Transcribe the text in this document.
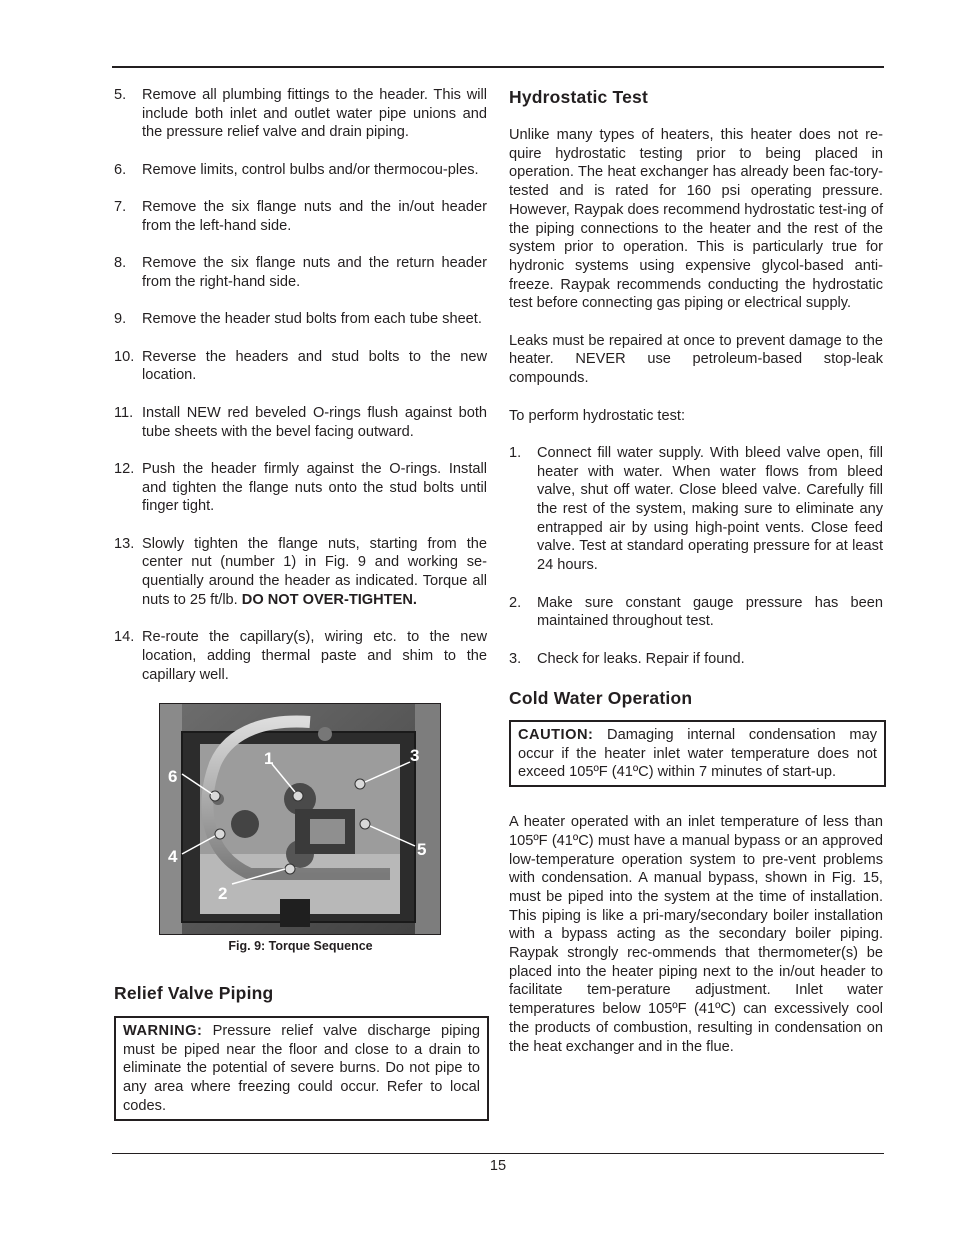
5.	Remove all plumbing fittings to the header. This will include both inlet and outlet water pipe unions and the pressure relief valve and drain piping.
6.	Remove limits, control bulbs and/or thermocou-ples.
7.	Remove the six flange nuts and the in/out header from the left-hand side.
8.	Remove the six flange nuts and the return header from the right-hand side.
9.	Remove the header stud bolts from each tube sheet.
10. Reverse the headers and stud bolts to the new location.
11. Install NEW red beveled O-rings flush against both tube sheets with the bevel facing outward.
12. Push the header firmly against the O-rings. Install and tighten the flange nuts onto the stud bolts until finger tight.
13. Slowly tighten the flange nuts, starting from the center nut (number 1) in Fig. 9 and working se-quentially around the header as indicated. Torque all nuts to 25 ft/lb. DO NOT OVER-TIGHTEN.
14. Re-route the capillary(s), wiring etc. to the new location, adding thermal paste and shim to the capillary well.
1
2
3
4	5
6
Fig. 9: Torque Sequence
Relief Valve Piping
WARNING: Pressure relief valve discharge piping must be piped near the floor and close to a drain to eliminate the potential of severe burns. Do not pipe to any area where freezing could occur. Refer to local codes.
Hydrostatic Test

Unlike many types of heaters, this heater does not re-quire hydrostatic testing prior to being placed in operation. The heat exchanger has already been fac-tory-tested and is rated for 160 psi operating pressure. However, Raypak does recommend hydrostatic test-ing of the piping connections to the heater and the rest of the system prior to operation. This is particularly true for hydronic systems using expensive glycol-based anti-freeze. Raypak recommends conducting the hydrostatic test before connecting gas piping or electrical supply.

Leaks must be repaired at once to prevent damage to the heater. NEVER use petroleum-based stop-leak compounds.

To perform hydrostatic test:

1.	Connect fill water supply. With bleed valve open, fill heater with water. When water flows from bleed valve, shut off water. Close bleed valve. Carefully fill the rest of the system, making sure to eliminate any entrapped air by using high-point vents. Close feed valve. Test at standard operating pressure for at least 24 hours.
2.	Make sure constant gauge pressure has been maintained throughout test.
3.	Check for leaks. Repair if found.
Cold Water Operation
CAUTION: Damaging internal condensation may occur if the heater inlet water temperature does not exceed 105ºF (41ºC) within 7 minutes of start-up.

A heater operated with an inlet temperature of less than 105ºF (41ºC) must have a manual bypass or an approved low-temperature operation system to pre-vent problems with condensation. A manual bypass, shown in Fig. 15, must be piped into the system at the time of installation. This piping is like a pri-mary/secondary boiler installation with a bypass acting as the secondary boiler piping. Raypak strongly rec-ommends that thermometer(s) be placed into the heater piping next to the in/out header to facilitate tem-perature adjustment. Inlet water temperatures below 105ºF (41ºC) can excessively cool the products of combustion, resulting in condensation on the heat exchanger and in the flue.

15
